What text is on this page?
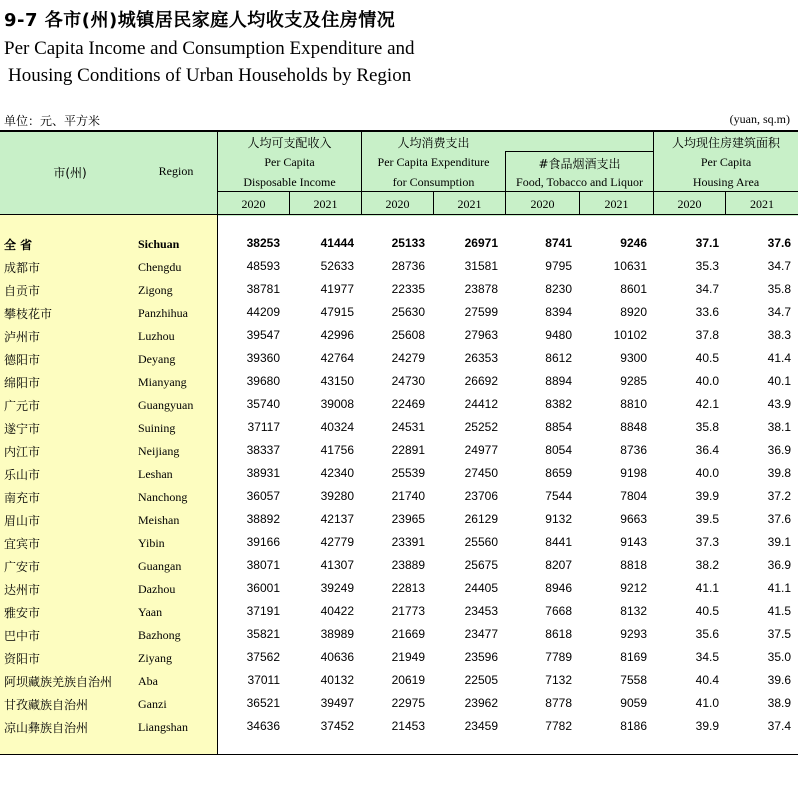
9-7 各市(州)城镇居民家庭人均收支及住房情况
Per Capita Income and Consumption Expenditure and
Housing Conditions of Urban Households by Region
单位：元、平方米	(yuan, sq.m)
市(州)	Region
人均可支配收入
Per Capita
Disposable Income
人均消费支出
Per Capita Expenditure
for Consumption
#食品烟酒支出
Food, Tobacco and Liquor
人均现住房建筑面积
Per Capita
Housing Area
2020	2021	2020	2021	2020	2021	2020	2021
全 省	Sichuan	38253	41444	25133	26971	8741	9246	37.1	37.6
成都市	Chengdu	48593	52633	28736	31581	9795	10631	35.3	34.7
自贡市	Zigong	38781	41977	22335	23878	8230	8601	34.7	35.8
攀枝花市	Panzhihua	44209	47915	25630	27599	8394	8920	33.6	34.7
泸州市	Luzhou	39547	42996	25608	27963	9480	10102	37.8	38.3
德阳市	Deyang	39360	42764	24279	26353	8612	9300	40.5	41.4
绵阳市	Mianyang	39680	43150	24730	26692	8894	9285	40.0	40.1
广元市	Guangyuan	35740	39008	22469	24412	8382	8810	42.1	43.9
遂宁市	Suining	37117	40324	24531	25252	8854	8848	35.8	38.1
内江市	Neijiang	38337	41756	22891	24977	8054	8736	36.4	36.9
乐山市	Leshan	38931	42340	25539	27450	8659	9198	40.0	39.8
南充市	Nanchong	36057	39280	21740	23706	7544	7804	39.9	37.2
眉山市	Meishan	38892	42137	23965	26129	9132	9663	39.5	37.6
宜宾市	Yibin	39166	42779	23391	25560	8441	9143	37.3	39.1
广安市	Guangan	38071	41307	23889	25675	8207	8818	38.2	36.9
达州市	Dazhou	36001	39249	22813	24405	8946	9212	41.1	41.1
雅安市	Yaan	37191	40422	21773	23453	7668	8132	40.5	41.5
巴中市	Bazhong	35821	38989	21669	23477	8618	9293	35.6	37.5
资阳市	Ziyang	37562	40636	21949	23596	7789	8169	34.5	35.0
阿坝藏族羌族自治州 Aba	37011	40132	20619	22505	7132	7558	40.4	39.6
甘孜藏族自治州	Ganzi	36521	39497	22975	23962	8778	9059	41.0	38.9
凉山彝族自治州	Liangshan	34636	37452	21453	23459	7782	8186	39.9	37.4
